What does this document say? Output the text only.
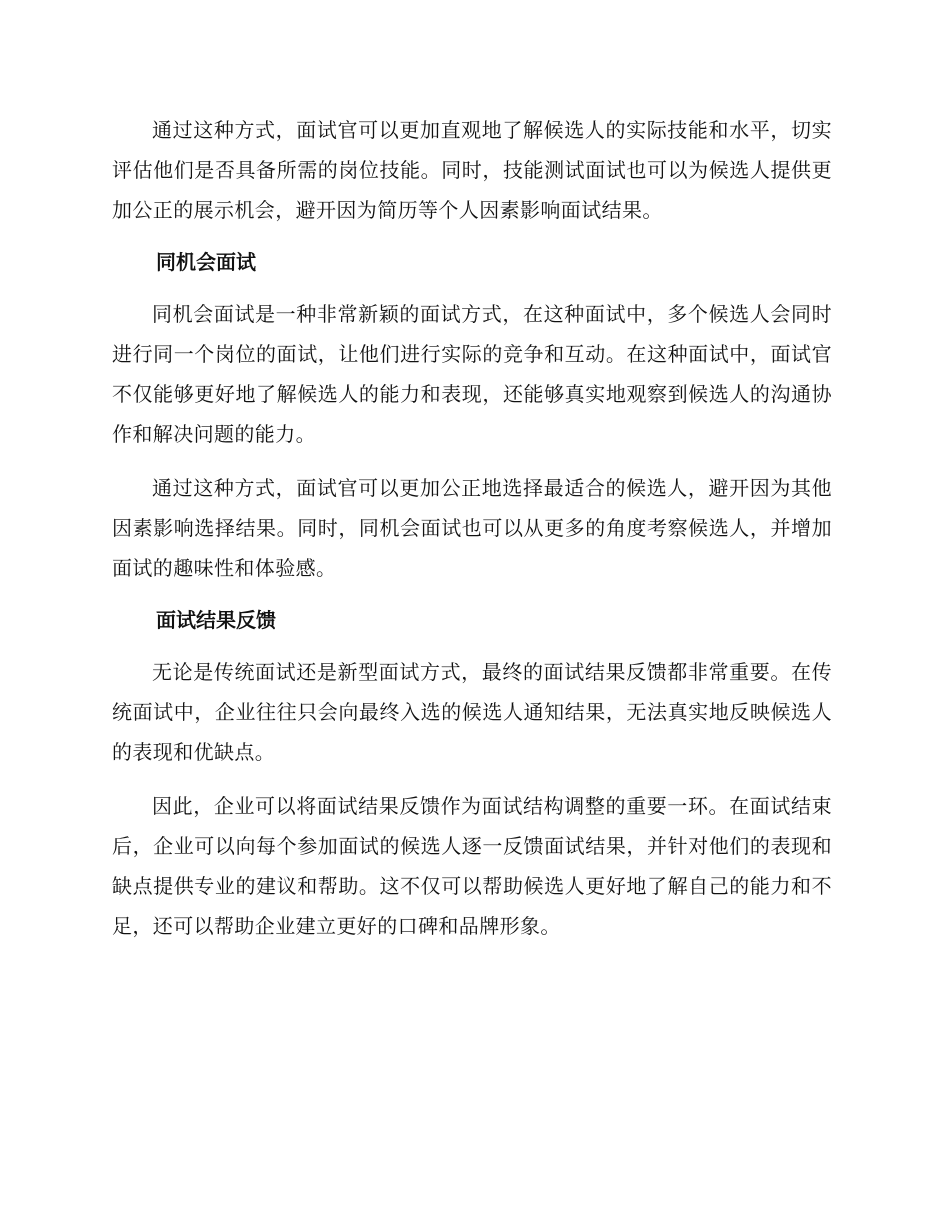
通过这种方式，面试官可以更加直观地了解候选人的实际技能和水平，切实评估他们是否具备所需的岗位技能。同时，技能测试面试也可以为候选人提供更加公正的展示机会，避开因为简历等个人因素影响面试结果。

同机会面试

同机会面试是一种非常新颖的面试方式，在这种面试中，多个候选人会同时进行同一个岗位的面试，让他们进行实际的竞争和互动。在这种面试中，面试官不仅能够更好地了解候选人的能力和表现，还能够真实地观察到候选人的沟通协作和解决问题的能力。

通过这种方式，面试官可以更加公正地选择最适合的候选人，避开因为其他因素影响选择结果。同时，同机会面试也可以从更多的角度考察候选人，并增加面试的趣味性和体验感。

面试结果反馈

无论是传统面试还是新型面试方式，最终的面试结果反馈都非常重要。在传统面试中，企业往往只会向最终入选的候选人通知结果，无法真实地反映候选人的表现和优缺点。

因此，企业可以将面试结果反馈作为面试结构调整的重要一环。在面试结束后，企业可以向每个参加面试的候选人逐一反馈面试结果，并针对他们的表现和缺点提供专业的建议和帮助。这不仅可以帮助候选人更好地了解自己的能力和不足，还可以帮助企业建立更好的口碑和品牌形象。
